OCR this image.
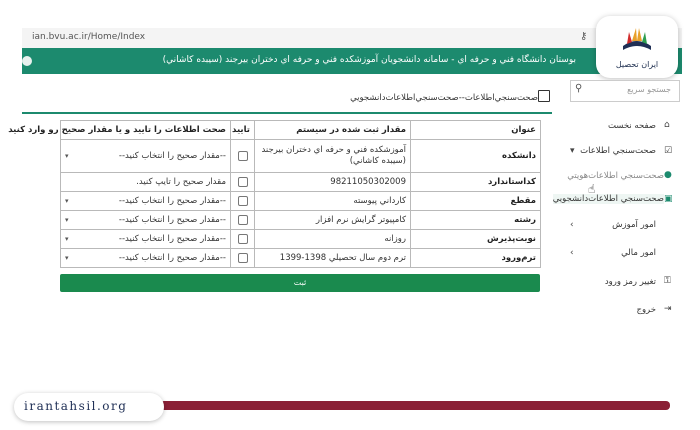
ian.bvu.ac.ir/Home/Index	⚷
بوستان دانشگاه فني و حرفه اي - سامانه دانشجويان آموزشكده فني و حرفه اي دختران بيرجند (سيبده كاشاني)	ایران تحصیل
⚲	جستجو سریع
⌂
صفحه نخست
▾	☑
صحت‌سنجي اطلاعات
●
صحت‌سنجي اطلاعات‌هويتي
▣
صحت‌سنجي اطلاعات‌دانشجويي
‹	امور آموزش
‹	امور مالي
⚿
تغيير رمز ورود
⇥
خروج
☝
صحت‌سنجي‌اطلاعات--صحت‌سنجي‌اطلاعات‌دانشجويي
صحت اطلاعات را تاييد و يا مقدار صحيح رو وارد كنيد	تاييد	مقدار ثبت شده در سيستم	عنوان

--مقدار صحيح را انتخاب كنيد--
▾		آموزشكده فني و حرفه اي دختران بيرجند (سيبده كاشاني)	دانشكده
مقدار صحيح را تايپ كنيد.		98211050302009	كداستاندارد

--مقدار صحيح را انتخاب كنيد--
▾		كارداني پيوسته	مقطع

--مقدار صحيح را انتخاب كنيد--
▾		كامپيوتر گرايش نرم افزار	رشته

--مقدار صحيح را انتخاب كنيد--
▾		روزانه	نوبت‌پذيرش

--مقدار صحيح را انتخاب كنيد--
▾		ترم دوم سال تحصيلي 1398-1399	ترم‌ورود
ثبت
irantahsil.org
